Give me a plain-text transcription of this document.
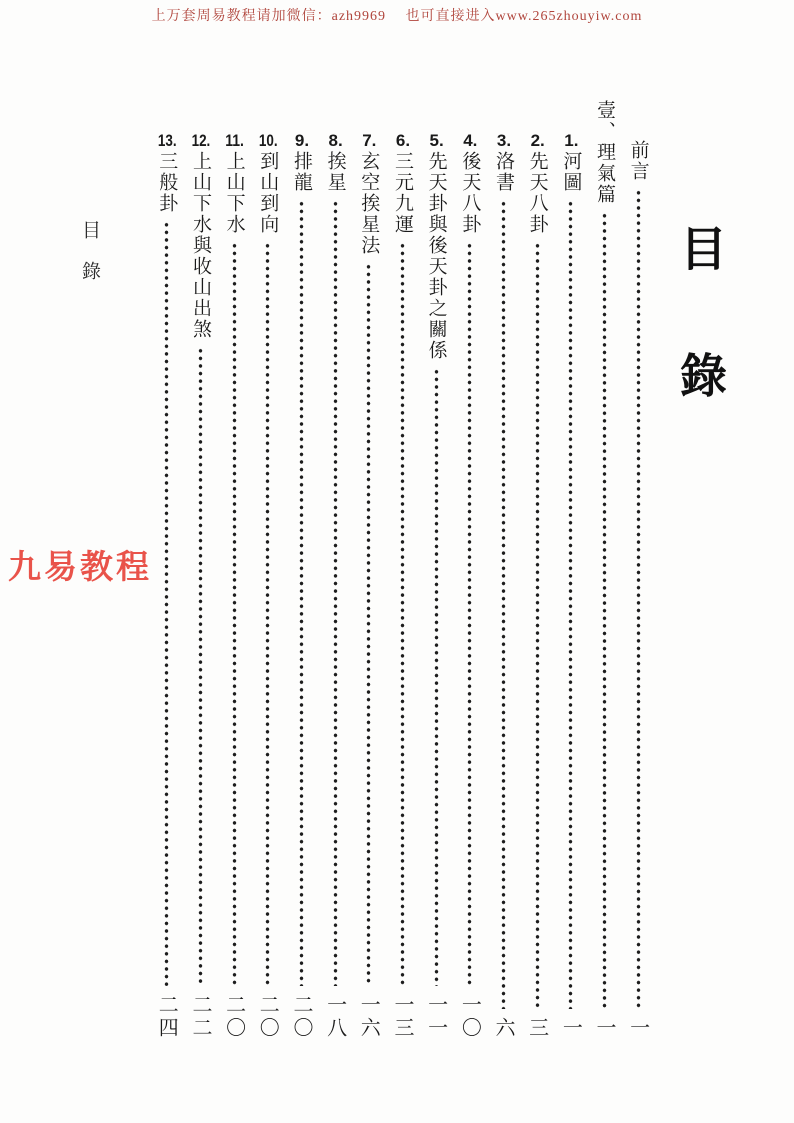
上万套周易教程请加微信：azh9969　 也可直接进入www.265zhouyiw.com
目錄
九易教程
目錄
前言
一
壹、理氣篇
一
1.
河圖
一
2.
先天八卦
三
3.
洛書
六
4.
後天八卦
一〇
5.
先天卦與後天卦之關係
一一
6.
三元九運
一三
7.
玄空挨星法
一六
8.
挨星
一八
9.
排龍
二〇
10.
到山到向
二〇
11.
上山下水
二〇
12.
上山下水與收山出煞
二二
13.
三般卦
二四
